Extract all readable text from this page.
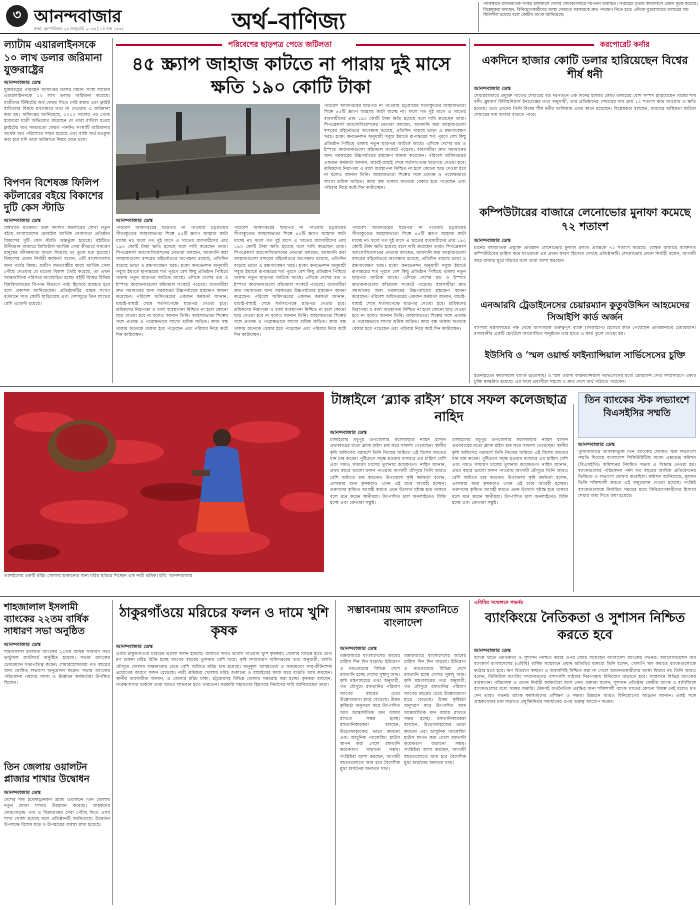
৩ আনন্দবাজার
ঢাকা, বৃহস্পতিবার ২৯ জানুয়ারি ২০২৬ | ১৫ মাঘ ১৪৩২	অর্থ–বাণিজ্য
পাকিস্তানে রাজনৈতিক সংকট চলাকালে দেশের শেয়ারবাজারে দরপতন অব্যাহত। সপ্তাহের তৃতীয় কার্যদিবসে প্রধান সূচক কমেছে। বিশ্লেষকরা বলছেন, বিনিয়োগকারীদের আস্থা ফেরাতে সরকারকে দ্রুত পদক্ষেপ নিতে হবে। এদিকে মুদ্রাবাজারে ডলারের দাম স্থিতিশীল রয়েছে বলে কেন্দ্রীয় ব্যাংক জানিয়েছে।
ল্যাটাম এয়ারলাইনসকে ১০ লাখ ডলার জরিমানা যুক্তরাষ্ট্রের
আনন্দবাজার ডেস্ক
যুক্তরাষ্ট্রের পরিবহন অধিদপ্তর চিলির বিমান সংস্থা ল্যাটাম এয়ারলাইনসকে ১০ লাখ ডলার জরিমানা করেছে। যাত্রীদের টিকিটের অর্থ ফেরত দিতে দেরি করায় এবং ফ্লাইট বাতিলের বিষয়ে যথাসময়ে তথ্য না দেওয়ায় এ জরিমানা করা হয়। অধিদপ্তর জানিয়েছে, ২০২০ সালের পর থেকে হাজারো যাত্রী অভিযোগ করেছেন যে তারা বাতিল হওয়া ফ্লাইটের অর্থ সময়মতো ফেরত পাননি। সংস্থাটি জরিমানার অর্ধেক অর্থ পরিশোধে সম্মত হয়েছে এবং বাকি অর্থ মওকুফ করা হবে যদি তারা ভবিষ্যতে নিয়ম মেনে চলে।
বিপণন বিশেষজ্ঞ ফিলিপ কটলারের বইয়ে বিকাশের দুটি কেস স্টাডি
আনন্দবাজার ডেস্ক
বিশ্বখ্যাত মার্কেটিং গুরু ফিলিপ কটলারের লেখা নতুন বইয়ে বাংলাদেশের মোবাইল আর্থিক সেবাদাতা প্রতিষ্ঠান বিকাশের দুটি কেস স্টাডি অন্তর্ভুক্ত হয়েছে। বইটিতে উদীয়মান বাজারে ডিজিটাল আর্থিক সেবা কীভাবে সাধারণ মানুষের জীবনযাত্রা বদলে দিয়েছে তা তুলে ধরা হয়েছে। বিকাশের প্রধান নির্বাহী কর্মকর্তা বলেন, এটি বাংলাদেশের জন্য গর্বের বিষয়। গ্রামীণ জনগোষ্ঠীর কাছে আর্থিক সেবা পৌঁছে দেওয়ার যে মডেল বিকাশ তৈরি করেছে, তা এখন আন্তর্জাতিক পরিসরে আলোচিত হচ্ছে। বইটি বিশ্বের বিভিন্ন বিশ্ববিদ্যালয়ের বিপণন বিভাগে পাঠ্য হিসেবে ব্যবহৃত হবে বলে প্রকাশক জানিয়েছেন। প্রতিষ্ঠানটির গ্রাহক সংখ্যা বর্তমানে সাত কোটি ছাড়িয়েছে এবং দেশজুড়ে তিন লাখের বেশি এজেন্ট রয়েছে।
পরিবেশের ছাড়পত্র পেতে জটিলতা
৪৫ স্ক্র্যাপ জাহাজ কাটতে না পারায় দুই মাসে ক্ষতি ১৯০ কোটি টাকা
পরিবেশ অধিদপ্তরের ছাড়পত্র না পাওয়ায় চট্টগ্রামের সীতাকুণ্ডের জাহাজভাঙা শিল্পে ৪৫টি স্ক্র্যাপ জাহাজ কাটা যাচ্ছে না। ফলে গত দুই মাসে এ খাতের ব্যবসায়ীদের প্রায় ১৯০ কোটি টাকা ক্ষতি হয়েছে বলে দাবি করেছেন তারা। শিপব্রেকার্স অ্যাসোসিয়েশনের নেতারা বলছেন, আমদানি করা জাহাজগুলো বন্দরের বহির্নোঙরে অপেক্ষায় রয়েছে, প্রতিদিন বাড়ছে ভাড়া ও রক্ষণাবেক্ষণ খরচ। হংকং কনভেনশন অনুযায়ী সবুজ ইয়ার্ডে রূপান্তরের শর্ত পূরণে বেশ কিছু প্রতিষ্ঠান পিছিয়ে থাকায় নতুন ছাড়পত্র আটকে আছে। এদিকে দেশের রড ও ইস্পাত কারখানাগুলো কাঁচামাল সংকটে পড়েছে। ব্যবসায়ীরা দ্রুত সমাধানের জন্য সরকারের উচ্চপর্যায়ের হস্তক্ষেপ কামনা করেছেন। পরিবেশ অধিদপ্তরের একজন কর্মকর্তা জানান, যাচাই-বাছাই শেষে শর্তসাপেক্ষে ছাড়পত্র দেওয়া হবে। শ্রমিকদের নিরাপত্তা ও বর্জ্য ব্যবস্থাপনা নিশ্চিত না হলে কোনো ছাড় দেওয়া হবে না বলেও জানান তিনি। জাহাজভাঙা শিল্পের সঙ্গে প্রত্যক্ষ ও পরোক্ষভাবে লাখো শ্রমিক জড়িত। কাজ বন্ধ থাকায় অনেকে বেকার হয়ে পড়েছেন এবং পরিবার নিয়ে কষ্টে দিন কাটাচ্ছেন।
আনন্দবাজার ডেস্ক
পরিবেশ অধিদপ্তরের ছাড়পত্র না পাওয়ায় চট্টগ্রামের সীতাকুণ্ডের জাহাজভাঙা শিল্পে ৪৫টি স্ক্র্যাপ জাহাজ কাটা যাচ্ছে না। ফলে গত দুই মাসে এ খাতের ব্যবসায়ীদের প্রায় ১৯০ কোটি টাকা ক্ষতি হয়েছে বলে দাবি করেছেন তারা। শিপব্রেকার্স অ্যাসোসিয়েশনের নেতারা বলছেন, আমদানি করা জাহাজগুলো বন্দরের বহির্নোঙরে অপেক্ষায় রয়েছে, প্রতিদিন বাড়ছে ভাড়া ও রক্ষণাবেক্ষণ খরচ। হংকং কনভেনশন অনুযায়ী সবুজ ইয়ার্ডে রূপান্তরের শর্ত পূরণে বেশ কিছু প্রতিষ্ঠান পিছিয়ে থাকায় নতুন ছাড়পত্র আটকে আছে। এদিকে দেশের রড ও ইস্পাত কারখানাগুলো কাঁচামাল সংকটে পড়েছে। ব্যবসায়ীরা দ্রুত সমাধানের জন্য সরকারের উচ্চপর্যায়ের হস্তক্ষেপ কামনা করেছেন। পরিবেশ অধিদপ্তরের একজন কর্মকর্তা জানান, যাচাই-বাছাই শেষে শর্তসাপেক্ষে ছাড়পত্র দেওয়া হবে। শ্রমিকদের নিরাপত্তা ও বর্জ্য ব্যবস্থাপনা নিশ্চিত না হলে কোনো ছাড় দেওয়া হবে না বলেও জানান তিনি। জাহাজভাঙা শিল্পের সঙ্গে প্রত্যক্ষ ও পরোক্ষভাবে লাখো শ্রমিক জড়িত। কাজ বন্ধ থাকায় অনেকে বেকার হয়ে পড়েছেন এবং পরিবার নিয়ে কষ্টে দিন কাটাচ্ছেন।
পরিবেশ অধিদপ্তরের ছাড়পত্র না পাওয়ায় চট্টগ্রামের সীতাকুণ্ডের জাহাজভাঙা শিল্পে ৪৫টি স্ক্র্যাপ জাহাজ কাটা যাচ্ছে না। ফলে গত দুই মাসে এ খাতের ব্যবসায়ীদের প্রায় ১৯০ কোটি টাকা ক্ষতি হয়েছে বলে দাবি করেছেন তারা। শিপব্রেকার্স অ্যাসোসিয়েশনের নেতারা বলছেন, আমদানি করা জাহাজগুলো বন্দরের বহির্নোঙরে অপেক্ষায় রয়েছে, প্রতিদিন বাড়ছে ভাড়া ও রক্ষণাবেক্ষণ খরচ। হংকং কনভেনশন অনুযায়ী সবুজ ইয়ার্ডে রূপান্তরের শর্ত পূরণে বেশ কিছু প্রতিষ্ঠান পিছিয়ে থাকায় নতুন ছাড়পত্র আটকে আছে। এদিকে দেশের রড ও ইস্পাত কারখানাগুলো কাঁচামাল সংকটে পড়েছে। ব্যবসায়ীরা দ্রুত সমাধানের জন্য সরকারের উচ্চপর্যায়ের হস্তক্ষেপ কামনা করেছেন। পরিবেশ অধিদপ্তরের একজন কর্মকর্তা জানান, যাচাই-বাছাই শেষে শর্তসাপেক্ষে ছাড়পত্র দেওয়া হবে। শ্রমিকদের নিরাপত্তা ও বর্জ্য ব্যবস্থাপনা নিশ্চিত না হলে কোনো ছাড় দেওয়া হবে না বলেও জানান তিনি। জাহাজভাঙা শিল্পের সঙ্গে প্রত্যক্ষ ও পরোক্ষভাবে লাখো শ্রমিক জড়িত। কাজ বন্ধ থাকায় অনেকে বেকার হয়ে পড়েছেন এবং পরিবার নিয়ে কষ্টে দিন কাটাচ্ছেন।
পরিবেশ অধিদপ্তরের ছাড়পত্র না পাওয়ায় চট্টগ্রামের সীতাকুণ্ডের জাহাজভাঙা শিল্পে ৪৫টি স্ক্র্যাপ জাহাজ কাটা যাচ্ছে না। ফলে গত দুই মাসে এ খাতের ব্যবসায়ীদের প্রায় ১৯০ কোটি টাকা ক্ষতি হয়েছে বলে দাবি করেছেন তারা। শিপব্রেকার্স অ্যাসোসিয়েশনের নেতারা বলছেন, আমদানি করা জাহাজগুলো বন্দরের বহির্নোঙরে অপেক্ষায় রয়েছে, প্রতিদিন বাড়ছে ভাড়া ও রক্ষণাবেক্ষণ খরচ। হংকং কনভেনশন অনুযায়ী সবুজ ইয়ার্ডে রূপান্তরের শর্ত পূরণে বেশ কিছু প্রতিষ্ঠান পিছিয়ে থাকায় নতুন ছাড়পত্র আটকে আছে। এদিকে দেশের রড ও ইস্পাত কারখানাগুলো কাঁচামাল সংকটে পড়েছে। ব্যবসায়ীরা দ্রুত সমাধানের জন্য সরকারের উচ্চপর্যায়ের হস্তক্ষেপ কামনা করেছেন। পরিবেশ অধিদপ্তরের একজন কর্মকর্তা জানান, যাচাই-বাছাই শেষে শর্তসাপেক্ষে ছাড়পত্র দেওয়া হবে। শ্রমিকদের নিরাপত্তা ও বর্জ্য ব্যবস্থাপনা নিশ্চিত না হলে কোনো ছাড় দেওয়া হবে না বলেও জানান তিনি। জাহাজভাঙা শিল্পের সঙ্গে প্রত্যক্ষ ও পরোক্ষভাবে লাখো শ্রমিক জড়িত। কাজ বন্ধ থাকায় অনেকে বেকার হয়ে পড়েছেন এবং পরিবার নিয়ে কষ্টে দিন কাটাচ্ছেন।
করপোরেট কর্নার
একদিনে হাজার কোটি ডলার হারিয়েছেন বিশ্বের শীর্ষ ধনী
আনন্দবাজার ডেস্ক
শেয়ারবাজারে প্রযুক্তি খাতের শেয়ারের বড় দরপতনে এক দিনেই হাজার কোটি ডলারের বেশি সম্পদ হারিয়েছেন বিশ্বের শীর্ষ ধনী। ব্লুমবার্গ বিলিয়নিয়ার্স ইনডেক্সের তথ্য অনুযায়ী, তার প্রতিষ্ঠানের শেয়ারের দাম প্রায় ১২ শতাংশ কমে যাওয়ায় এ ক্ষতি হয়েছে। তবে এখনো তিনি বিশ্বের শীর্ষ ধনীর তালিকায় প্রথম স্থানে রয়েছেন। বিশ্লেষকরা বলছেন, বাজারে অস্থিরতা কাটলে শেয়ারের দাম আবার বাড়তে পারে।
কম্পিউটারের বাজারে লেনোভোর মুনাফা কমেছে ৭২ শতাংশ
আনন্দবাজার ডেস্ক
চীনের বহুজাতিক প্রযুক্তি প্রতিষ্ঠান লেনোভোর মুনাফা চলতি প্রান্তিকে ৭২ শতাংশ কমেছে। বৈশ্বিক বাজারে ব্যক্তিগত কম্পিউটারের চাহিদা কমে যাওয়াকে এর প্রধান কারণ হিসেবে দেখছে প্রতিষ্ঠানটি। লেনোভোর প্রধান নির্বাহী বলেন, আগামী বছর বাজার ঘুরে দাঁড়াবে বলে তারা আশা করছেন।
এনআরবি ট্রেডাইনেসের চেয়ারম্যান কুতুবউদ্দিন আহমেদের সিআইপি কার্ড অর্জন
বাণিজ্য মন্ত্রণালয়ের পক্ষ থেকে বাণিজ্যিক গুরুত্বপূর্ণ ব্যক্তি (সিআইপি) হিসেবে কার্ড পেয়েছেন প্রতিষ্ঠানটির চেয়ারম্যান। রাজধানীর একটি হোটেলে আয়োজিত অনুষ্ঠানে তার হাতে এ কার্ড তুলে দেওয়া হয়।
ইউসিবি ও ‘স্মল ওয়ার্ল্ড ফাইন্যান্সিয়াল সার্ভিসেসের চুক্তি
ইউনাইটেড কমার্শিয়াল ব্যাংক (ইউসিবি) ও স্মল ওয়ার্ল্ড ফাইন্যান্সিয়াল সার্ভিসেসের মধ্যে রেমিট্যান্স সেবা সম্প্রসারণে একটি চুক্তি স্বাক্ষরিত হয়েছে। এর ফলে প্রবাসীরা সহজে ও দ্রুত দেশে অর্থ পাঠাতে পারবেন।
তাঙ্গাইলের একটি মরিচ খোলায় শুকানোর জন্য মরিচ ছড়িয়ে দিচ্ছেন এক নারী শ্রমিক। ছবি: আনন্দবাজার
টাঙ্গাইলে ‘ব্ল্যাক রাইস’ চাষে সফল কলেজছাত্র নাহিদ
আনন্দবাজার ডেস্ক
টাঙ্গাইলের মধুপুর উপজেলার কলেজছাত্র নাহিদ হাসান প্রথমবারের মতো ব্ল্যাক রাইস চাষ করে সাফল্য পেয়েছেন। স্থানীয় কৃষি অফিসের পরামর্শে তিনি নিজের জমিতে এই বিশেষ জাতের ধান চাষ করেন। পুষ্টিগুণে সমৃদ্ধ হওয়ায় বাজারে এর চাহিদা বেশি এবং দামও সাধারণ চালের তুলনায় কয়েকগুণ। নাহিদ জানান, প্রথম বছরে ভালো ফলন পাওয়ায় আগামী মৌসুমে তিনি আরও বেশি জমিতে চাষ করবেন। উপজেলা কৃষি কর্মকর্তা বলেন, এলাকার অন্য কৃষকরাও এখন এই চাষে আগ্রহী হচ্ছেন। তরুণদের কৃষিতে আগ্রহী করতে এমন উদ্যোগ দৃষ্টান্ত হয়ে থাকবে বলে মনে করেন স্থানীয়রা। উৎপাদিত চাল অনলাইনেও বিক্রি হচ্ছে এবং ক্রেতারা সন্তুষ্ট।
টাঙ্গাইলের মধুপুর উপজেলার কলেজছাত্র নাহিদ হাসান প্রথমবারের মতো ব্ল্যাক রাইস চাষ করে সাফল্য পেয়েছেন। স্থানীয় কৃষি অফিসের পরামর্শে তিনি নিজের জমিতে এই বিশেষ জাতের ধান চাষ করেন। পুষ্টিগুণে সমৃদ্ধ হওয়ায় বাজারে এর চাহিদা বেশি এবং দামও সাধারণ চালের তুলনায় কয়েকগুণ। নাহিদ জানান, প্রথম বছরে ভালো ফলন পাওয়ায় আগামী মৌসুমে তিনি আরও বেশি জমিতে চাষ করবেন। উপজেলা কৃষি কর্মকর্তা বলেন, এলাকার অন্য কৃষকরাও এখন এই চাষে আগ্রহী হচ্ছেন। তরুণদের কৃষিতে আগ্রহী করতে এমন উদ্যোগ দৃষ্টান্ত হয়ে থাকবে বলে মনে করেন স্থানীয়রা। উৎপাদিত চাল অনলাইনেও বিক্রি হচ্ছে এবং ক্রেতারা সন্তুষ্ট।
তিন ব্যাংকের স্টক লভ্যাংশে বিএসইসির সম্মতি
আনন্দবাজার ডেস্ক
পুঁজিবাজারে তালিকাভুক্ত তিন ব্যাংকের ঘোষিত স্টক লভ্যাংশে সম্মতি দিয়েছে বাংলাদেশ সিকিউরিটিজ অ্যান্ড এক্সচেঞ্জ কমিশন (বিএসইসি)। কমিশনের নিয়মিত সভায় এ সিদ্ধান্ত নেওয়া হয়। ব্যাংকগুলোর পরিচালনা পর্ষদ গত বছরের আর্থিক প্রতিবেদনের ভিত্তিতে এ লভ্যাংশ ঘোষণা করেছিল। কমিশন জানিয়েছে, মূলধন ভিত্তি শক্তিশালী করতে এই অনুমোদন দেওয়া হয়েছে। সংশ্লিষ্ট ব্যাংকগুলোকে নির্ধারিত সময়ের মধ্যে বিনিয়োগকারীদের হিসাবে শেয়ার জমা দিতে বলা হয়েছে।
শাহজালাল ইসলামী ব্যাংকের ২২তম বার্ষিক সাধারণ সভা অনুষ্ঠিত
আনন্দবাজার ডেস্ক
শাহজালাল ইসলামী ব্যাংকের ২২তম বার্ষিক সাধারণ সভা ভার্চুয়াল প্ল্যাটফর্মে অনুষ্ঠিত হয়েছে। সভায় ব্যাংকের চেয়ারম্যান সভাপতিত্ব করেন। শেয়ারহোল্ডাররা গত বছরের জন্য ঘোষিত লভ্যাংশ অনুমোদন করেন। সভায় ব্যাংকের পরিচালনা পর্ষদের সদস্য ও ঊর্ধ্বতন কর্মকর্তারা উপস্থিত ছিলেন।
তিন জেলায় ওয়ালটন প্লাজার শাখার উদ্বোধন
আনন্দবাজার ডেস্ক
দেশের শীর্ষ ইলেকট্রনিকস ব্র্যান্ড ওয়ালটন তিন জেলায় নতুন প্লাজা শাখার উদ্বোধন করেছে। গ্রাহকদের দোরগোড়ায় পণ্য ও বিক্রয়োত্তর সেবা পৌঁছে দিতে এসব শাখা খোলা হয়েছে বলে প্রতিষ্ঠানটি জানিয়েছে। উদ্বোধন উপলক্ষে বিশেষ ছাড় ও উপহারের ব্যবস্থা রাখা হয়েছে।
ঠাকুরগাঁওয়ে মরিচের ফলন ও দামে খুশি কৃষক
আনন্দবাজার ডেস্ক
এবার ঠাকুরগাঁওয়ে মরিচের ভালো ফলন হয়েছে। বাজারে দামও ভালো পাওয়ায় খুশি কৃষকরা। জেলার বিভিন্ন হাটে প্রতি মণ শুকনা মরিচ বিক্রি হচ্ছে আগের বছরের তুলনায় বেশি দামে। কৃষি সম্প্রসারণ অধিদপ্তরের তথ্য অনুযায়ী, চলতি মৌসুমে জেলায় লক্ষ্যমাত্রার চেয়ে বেশি জমিতে মরিচ চাষ হয়েছে। অনুকূল আবহাওয়া ও সময়মতো সার-কীটনাশক প্রয়োগের কারণে ফলন বেড়েছে। নারী শ্রমিকরা খোলায় মরিচ শুকানো ও বাছাইয়ের কাজ করে বাড়তি আয় করছেন। স্থানীয় ব্যবসায়ীরা জানান, এ জেলার মরিচ ঢাকা, চট্টগ্রামসহ বিভিন্ন জেলায় সরবরাহ করা হচ্ছে। কৃষকরা বলছেন, সংরক্ষণাগার থাকলে তারা আরও লাভবান হতে পারতেন। সরকারি সহায়তায় হিমাগার নির্মাণের দাবি জানিয়েছেন তারা।
সম্ভাবনাময় আম রফতানিতে বাংলাদেশ
আনন্দবাজার ডেস্ক
বিশ্ববাজারে বাংলাদেশের আমের চাহিদা দিন দিন বাড়ছে। ইউরোপ ও মধ্যপ্রাচ্যের বিভিন্ন দেশে রফতানি হচ্ছে দেশের সুস্বাদু আম। কৃষি মন্ত্রণালয়ের তথ্য অনুযায়ী, গত মৌসুমে রফতানির পরিমাণ আগের বছরের চেয়ে উল্লেখযোগ্য হারে বেড়েছে। উত্তম কৃষিচর্চা অনুসরণ করে উৎপাদিত আম আন্তর্জাতিক মান বজায় রাখতে সক্ষম হচ্ছে। রফতানিকারকরা বলছেন, উড়োজাহাজের ভাড়া কমানো এবং আধুনিক প্যাকেজিং হাউস স্থাপন করা গেলে রফতানি কয়েকগুণ বাড়ানো সম্ভব। সংশ্লিষ্টরা আশা করছেন, আগামী বছরগুলোতে আম হবে বৈদেশিক মুদ্রা অর্জনের অন্যতম খাত।
বিশ্ববাজারে বাংলাদেশের আমের চাহিদা দিন দিন বাড়ছে। ইউরোপ ও মধ্যপ্রাচ্যের বিভিন্ন দেশে রফতানি হচ্ছে দেশের সুস্বাদু আম। কৃষি মন্ত্রণালয়ের তথ্য অনুযায়ী, গত মৌসুমে রফতানির পরিমাণ আগের বছরের চেয়ে উল্লেখযোগ্য হারে বেড়েছে। উত্তম কৃষিচর্চা অনুসরণ করে উৎপাদিত আম আন্তর্জাতিক মান বজায় রাখতে সক্ষম হচ্ছে। রফতানিকারকরা বলছেন, উড়োজাহাজের ভাড়া কমানো এবং আধুনিক প্যাকেজিং হাউস স্থাপন করা গেলে রফতানি কয়েকগুণ বাড়ানো সম্ভব। সংশ্লিষ্টরা আশা করছেন, আগামী বছরগুলোতে আম হবে বৈদেশিক মুদ্রা অর্জনের অন্যতম খাত।
এবিবির সম্মেলনে গভর্নর
ব্যাংকিংয়ে নৈতিকতা ও সুশাসন নিশ্চিত করতে হবে
আনন্দবাজার ডেস্ক
ব্যাংক খাতে নৈতিকতা ও সুশাসন নিশ্চিত করার ওপর জোর দিয়েছেন বাংলাদেশ ব্যাংকের গভর্নর। অ্যাসোসিয়েশন অব ব্যাংকার্স বাংলাদেশের (এবিবি) বার্ষিক সম্মেলনে প্রধান অতিথির বক্তব্যে তিনি বলেন, খেলাপি ঋণ কমাতে ব্যাংকগুলোকে কঠোর হতে হবে। ঋণ বিতরণে স্বচ্ছতা ও জবাবদিহি নিশ্চিত করা না গেলে আমানতকারীদের আস্থা ফিরবে না। তিনি আরও বলেন, ডিজিটাল ব্যাংকিং সম্প্রসারণের পাশাপাশি সাইবার নিরাপত্তায় বিনিয়োগ বাড়াতে হবে। সম্মেলনে বিভিন্ন ব্যাংকের ব্যবস্থাপনা পরিচালক ও প্রধান নির্বাহী কর্মকর্তারা অংশ নেন। বক্তারা বলেন, সুশাসন প্রতিষ্ঠায় কেন্দ্রীয় ব্যাংক ও বাণিজ্যিক ব্যাংকগুলোর মধ্যে সমন্বয় জরুরি। টেকসই অর্থনৈতিক প্রবৃদ্ধির জন্য শক্তিশালী ব্যাংক খাতের কোনো বিকল্প নেই বলেও মত দেন তারা। গভর্নর ব্যাংক কর্মকর্তাদের প্রশিক্ষণ ও দক্ষতা উন্নয়নে আরও বিনিয়োগের আহ্বান জানান। একই সঙ্গে গ্রাহকসেবার মান বাড়াতে প্রযুক্তিনির্ভর সমাধানের ওপর গুরুত্ব আরোপ করেন।
